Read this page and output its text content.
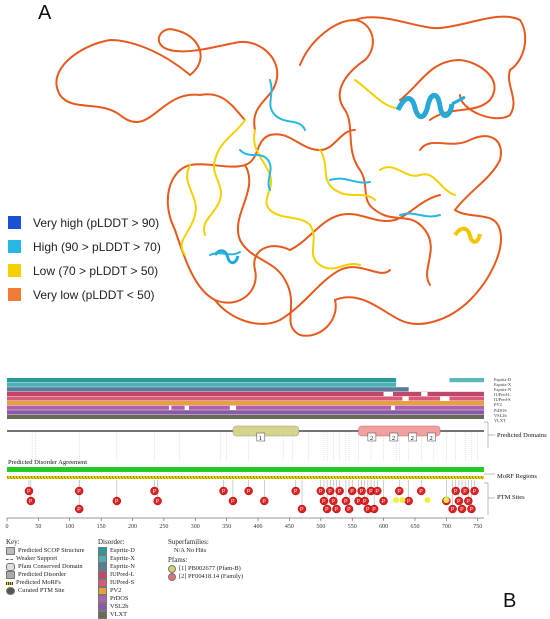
A
B
Very high (pLDDT > 90)
High (90 > pLDDT > 70)
Low (70 > pLDDT > 50)
Very low (pLDDT < 50)
1	2	2 2 2
P
P
P
P
P
P
P
P
P
P
P
P
P
P
P
P
P
P
P
P
P
P
P
P
P
P
P
P
P
P
P
P
P
P
P
P
P
P
P
P P
P
0	50	100	150	200	250	300	350	400	450	500	550	600	650	700	750
Espritz-D
Espritz-X
Espritz-N
IUPred-L
IUPred-S
PV2
PrDOS
VSL2b
VLXT
Predicted Disorder Agreement
Predicted Domains
MoRF Regions
PTM Sites
Key:
Predicted SCOP Structure
Weaker Support
Pfam Conserved Domain
Predicted Disorder
Predicted MoRFs
Curated PTM Site
Disorder:
Espritz-D
Espritz-X
Espritz-N
IUPred-L
IUPred-S
PV2
PrDOS
VSL2b
VLXT
Superfamilies:
N/A No Hits
Pfams:
[1] PB002677 (Pfam-B)
[2] PF00418.14 (Family)
